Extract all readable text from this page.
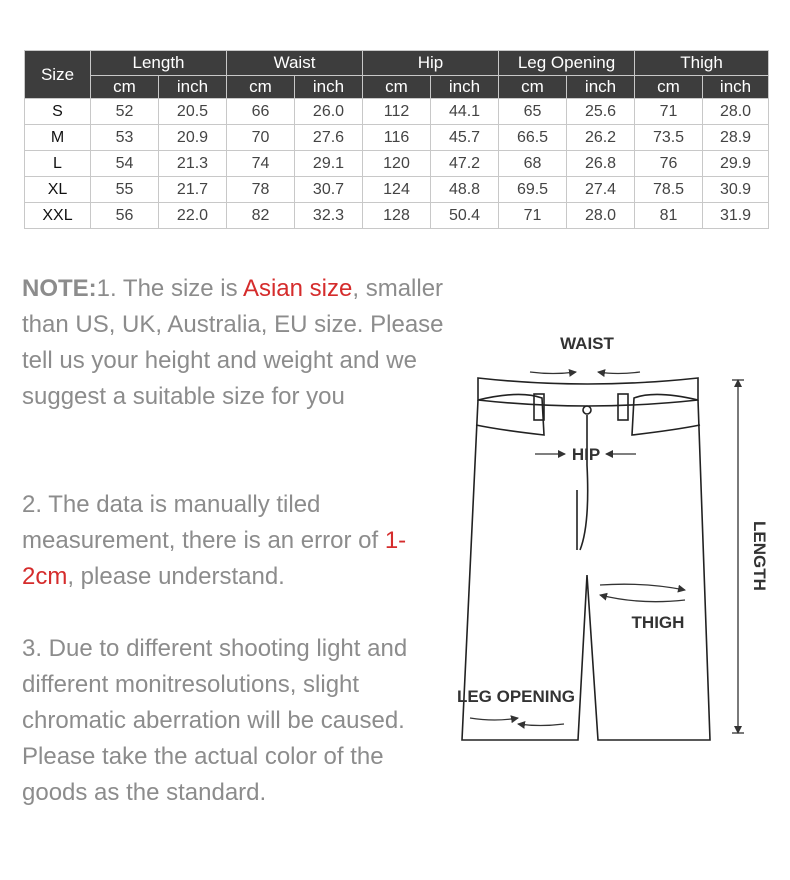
Size	Length		Waist		Hip		Leg Opening		Thigh	
	cm	inch	cm	inch	cm	inch	cm	inch	cm	inch
S	52	20.5	66	26.0	112	44.1	65	25.6	71	28.0
M	53	20.9	70	27.6	116	45.7	66.5	26.2	73.5	28.9
L	54	21.3	74	29.1	120	47.2	68	26.8	76	29.9
XL	55	21.7	78	30.7	124	48.8	69.5	27.4	78.5	30.9
XXL	56	22.0	82	32.3	128	50.4	71	28.0	81	31.9
NOTE:1. The size is Asian size, smaller than US, UK, Australia, EU size. Please tell us your height and weight and we suggest a suitable size for you
2. The data is manually tiled measurement, there is an error of 1-2cm, please understand.
3. Due to different shooting light and different monitresolutions, slight chromatic aberration will be caused. Please take the actual color of the goods as the standard.
WAIST
HIP
THIGH
LEG OPENING
LENGTH
